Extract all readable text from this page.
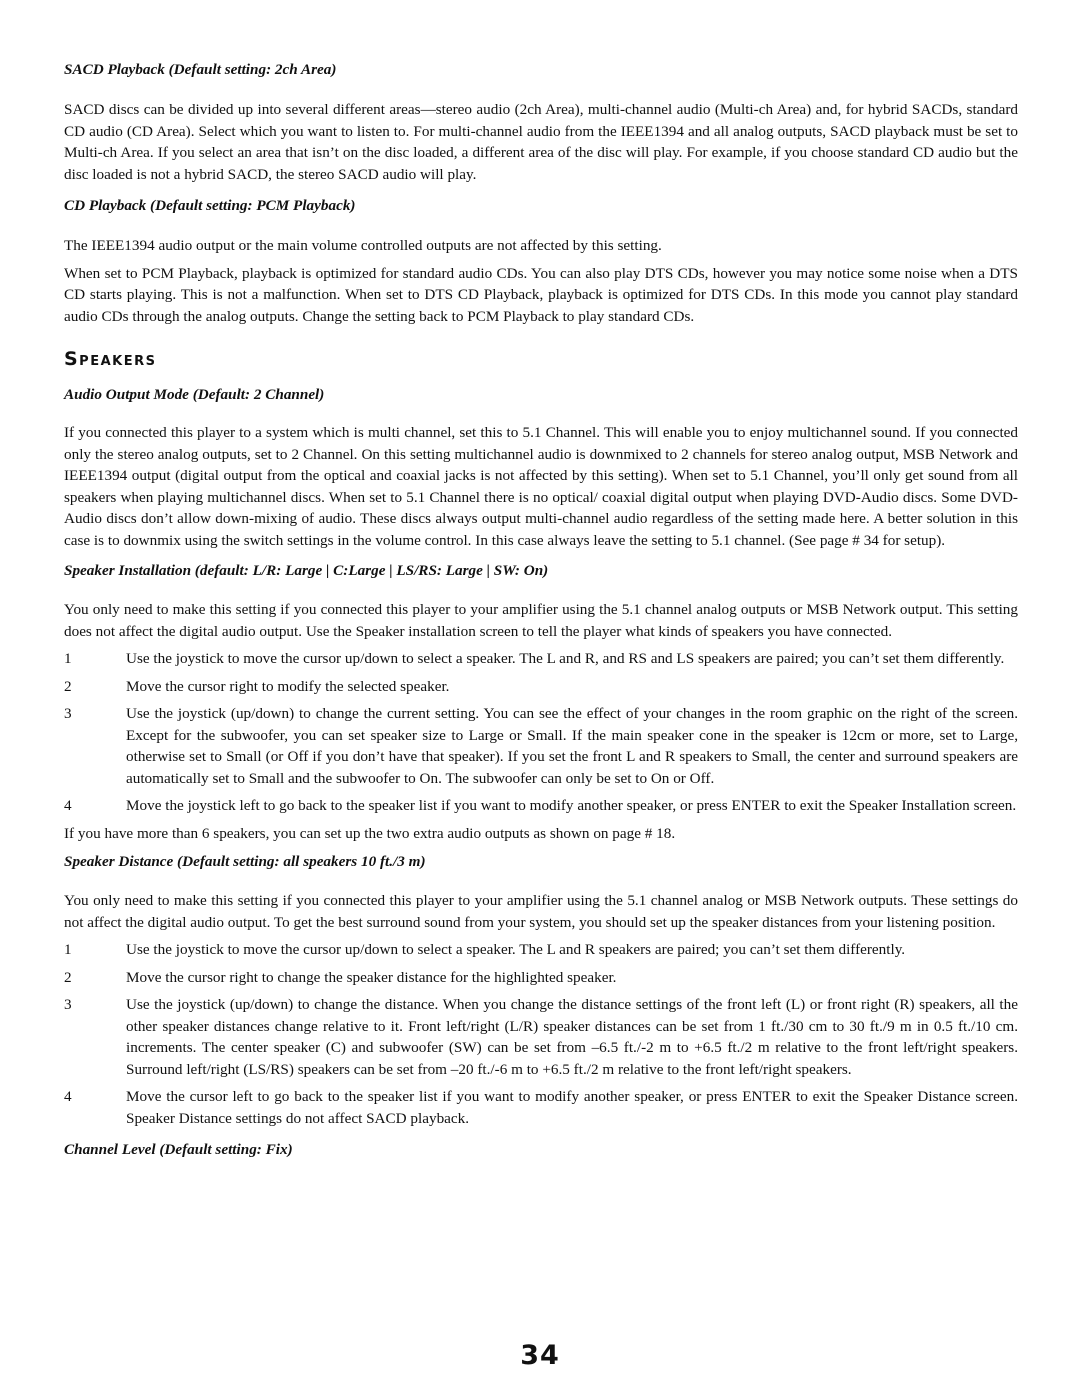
SACD Playback (Default setting: 2ch Area)

SACD discs can be divided up into several different areas—stereo audio (2ch Area), multi-channel audio (Multi-ch Area) and, for hybrid SACDs, standard CD audio (CD Area). Select which you want to listen to. For multi-channel audio from the IEEE1394 and all analog outputs, SACD playback must be set to Multi-ch Area. If you select an area that isn’t on the disc loaded, a different area of the disc will play. For example, if you choose standard CD audio but the disc loaded is not a hybrid SACD, the stereo SACD audio will play.

CD Playback (Default setting: PCM Playback)

The IEEE1394 audio output or the main volume controlled outputs are not affected by this setting.

When set to PCM Playback, playback is optimized for standard audio CDs. You can also play DTS CDs, however you may notice some noise when a DTS CD starts playing. This is not a malfunction. When set to DTS CD Playback, playback is optimized for DTS CDs. In this mode you cannot play standard audio CDs through the analog outputs. Change the setting back to PCM Playback to play standard CDs.

Speakers

Audio Output Mode (Default: 2 Channel)

If you connected this player to a system which is multi channel, set this to 5.1 Channel. This will enable you to enjoy multichannel sound. If you connected only the stereo analog outputs, set to 2 Channel. On this setting multichannel audio is downmixed to 2 channels for stereo analog output, MSB Network and IEEE1394 output (digital output from the optical and coaxial jacks is not affected by this setting). When set to 5.1 Channel, you’ll only get sound from all speakers when playing multichannel discs. When set to 5.1 Channel there is no optical/ coaxial digital output when playing DVD-Audio discs. Some DVD-Audio discs don’t allow down-mixing of audio. These discs always output multi-channel audio regardless of the setting made here. A better solution in this case is to downmix using the switch settings in the volume control. In this case always leave the setting to 5.1 channel. (See page # 34 for setup).

Speaker Installation (default: L/R: Large | C:Large | LS/RS: Large | SW: On)

You only need to make this setting if you connected this player to your amplifier using the 5.1 channel analog outputs or MSB Network output. This setting does not affect the digital audio output. Use the Speaker installation screen to tell the player what kinds of speakers you have connected.

1	Use the joystick to move the cursor up/down to select a speaker. The L and R, and RS and LS speakers are paired; you can’t set them differently.
2	Move the cursor right to modify the selected speaker.
3	Use the joystick (up/down) to change the current setting. You can see the effect of your changes in the room graphic on the right of the screen. Except for the subwoofer, you can set speaker size to Large or Small. If the main speaker cone in the speaker is 12cm or more, set to Large, otherwise set to Small (or Off if you don’t have that speaker). If you set the front L and R speakers to Small, the center and surround speakers are automatically set to Small and the subwoofer to On. The subwoofer can only be set to On or Off.
4	Move the joystick left to go back to the speaker list if you want to modify another speaker, or press ENTER to exit the Speaker Installation screen.

If you have more than 6 speakers, you can set up the two extra audio outputs as shown on page # 18.

Speaker Distance (Default setting: all speakers 10 ft./3 m)

You only need to make this setting if you connected this player to your amplifier using the 5.1 channel analog or MSB Network outputs. These settings do not affect the digital audio output. To get the best surround sound from your system, you should set up the speaker distances from your listening position.

1	Use the joystick to move the cursor up/down to select a speaker. The L and R speakers are paired; you can’t set them differently.
2	Move the cursor right to change the speaker distance for the highlighted speaker.
3	Use the joystick (up/down) to change the distance. When you change the distance settings of the front left (L) or front right (R) speakers, all the other speaker distances change relative to it. Front left/right (L/R) speaker distances can be set from 1 ft./30 cm to 30 ft./9 m in 0.5 ft./10 cm. increments. The center speaker (C) and subwoofer (SW) can be set from –6.5 ft./-2 m to +6.5 ft./2 m relative to the front left/right speakers. Surround left/right (LS/RS) speakers can be set from –20 ft./-6 m to +6.5 ft./2 m relative to the front left/right speakers.
4	Move the cursor left to go back to the speaker list if you want to modify another speaker, or press ENTER to exit the Speaker Distance screen. Speaker Distance settings do not affect SACD playback.

Channel Level (Default setting: Fix)

34
